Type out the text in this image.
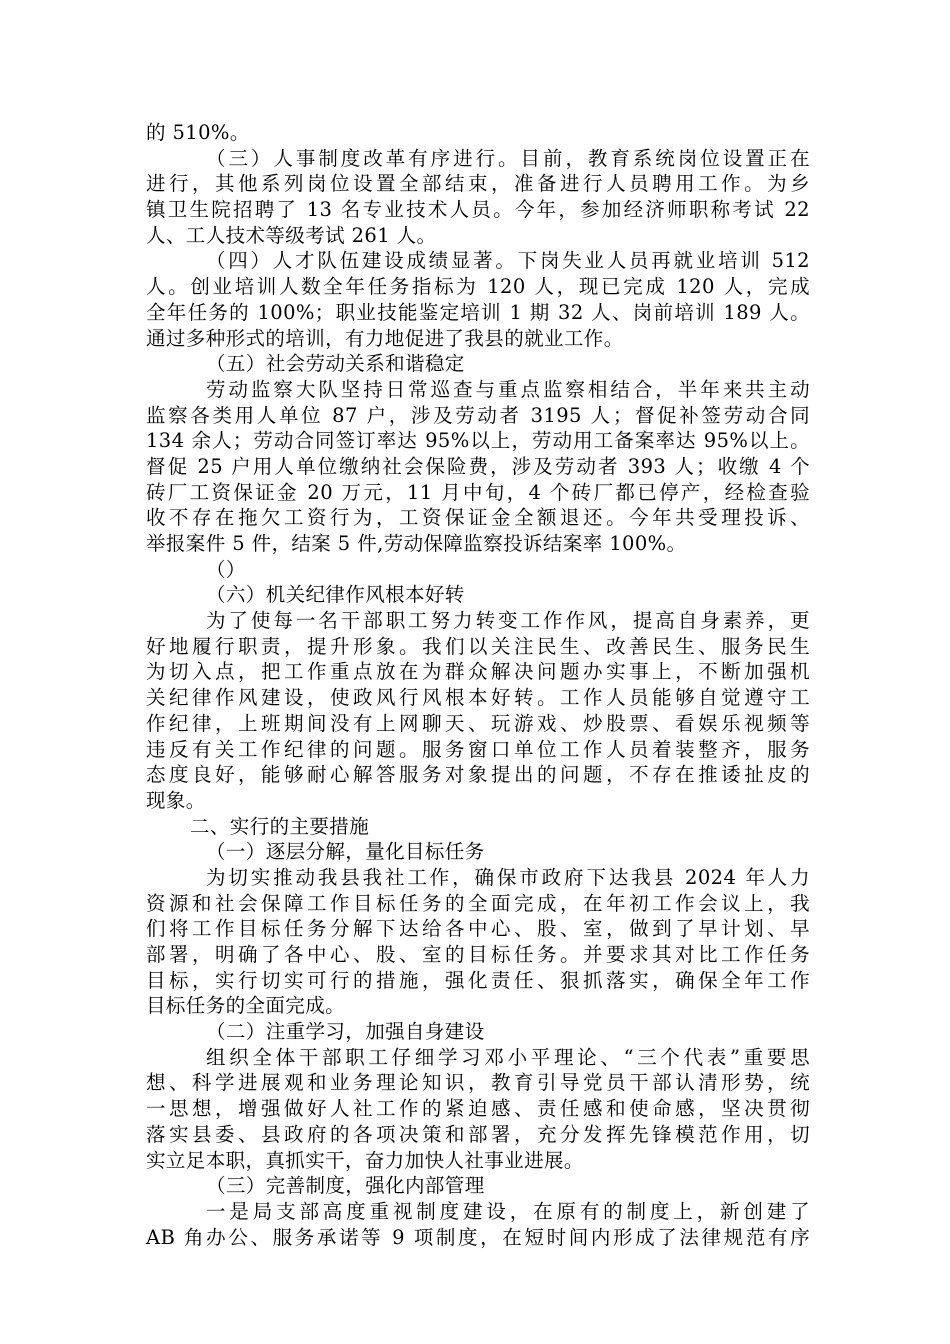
的 510%。
（三）人事制度改革有序进行。目前，教育系统岗位设置正在
进行，其他系列岗位设置全部结束，准备进行人员聘用工作。为乡
镇卫生院招聘了 13 名专业技术人员。今年，参加经济师职称考试 22
人、工人技术等级考试 261 人。
（四）人才队伍建设成绩显著。下岗失业人员再就业培训 512
人。创业培训人数全年任务指标为 120 人，现已完成 120 人，完成
全年任务的 100%；职业技能鉴定培训 1 期 32 人、岗前培训 189 人。
通过多种形式的培训，有力地促进了我县的就业工作。
（五）社会劳动关系和谐稳定
劳动监察大队坚持日常巡查与重点监察相结合，半年来共主动
监察各类用人单位 87 户，涉及劳动者 3195 人；督促补签劳动合同
134 余人；劳动合同签订率达 95%以上，劳动用工备案率达 95%以上。
督促 25 户用人单位缴纳社会保险费，涉及劳动者 393 人；收缴 4 个
砖厂工资保证金 20 万元，11 月中旬，4 个砖厂都已停产，经检查验
收不存在拖欠工资行为，工资保证金全额退还。今年共受理投诉、
举报案件 5 件，结案 5 件,劳动保障监察投诉结案率 100%。
（）
（六）机关纪律作风根本好转
为了使每一名干部职工努力转变工作作风，提高自身素养，更
好地履行职责，提升形象。我们以关注民生、改善民生、服务民生
为切入点，把工作重点放在为群众解决问题办实事上，不断加强机
关纪律作风建设，使政风行风根本好转。工作人员能够自觉遵守工
作纪律，上班期间没有上网聊天、玩游戏、炒股票、看娱乐视频等
违反有关工作纪律的问题。服务窗口单位工作人员着装整齐，服务
态度良好，能够耐心解答服务对象提出的问题，不存在推诿扯皮的
现象。
二、实行的主要措施
（一）逐层分解，量化目标任务
为切实推动我县我社工作，确保市政府下达我县 2024 年人力
资源和社会保障工作目标任务的全面完成，在年初工作会议上，我
们将工作目标任务分解下达给各中心、股、室，做到了早计划、早
部署，明确了各中心、股、室的目标任务。并要求其对比工作任务
目标，实行切实可行的措施，强化责任、狠抓落实，确保全年工作
目标任务的全面完成。
（二）注重学习，加强自身建设
组织全体干部职工仔细学习邓小平理论、“三个代表”重要思
想、科学进展观和业务理论知识，教育引导党员干部认清形势，统
一思想，增强做好人社工作的紧迫感、责任感和使命感，坚决贯彻
落实县委、县政府的各项决策和部署，充分发挥先锋模范作用，切
实立足本职，真抓实干，奋力加快人社事业进展。
（三）完善制度，强化内部管理
一是局支部高度重视制度建设，在原有的制度上，新创建了
AB 角办公、服务承诺等 9 项制度，在短时间内形成了法律规范有序
